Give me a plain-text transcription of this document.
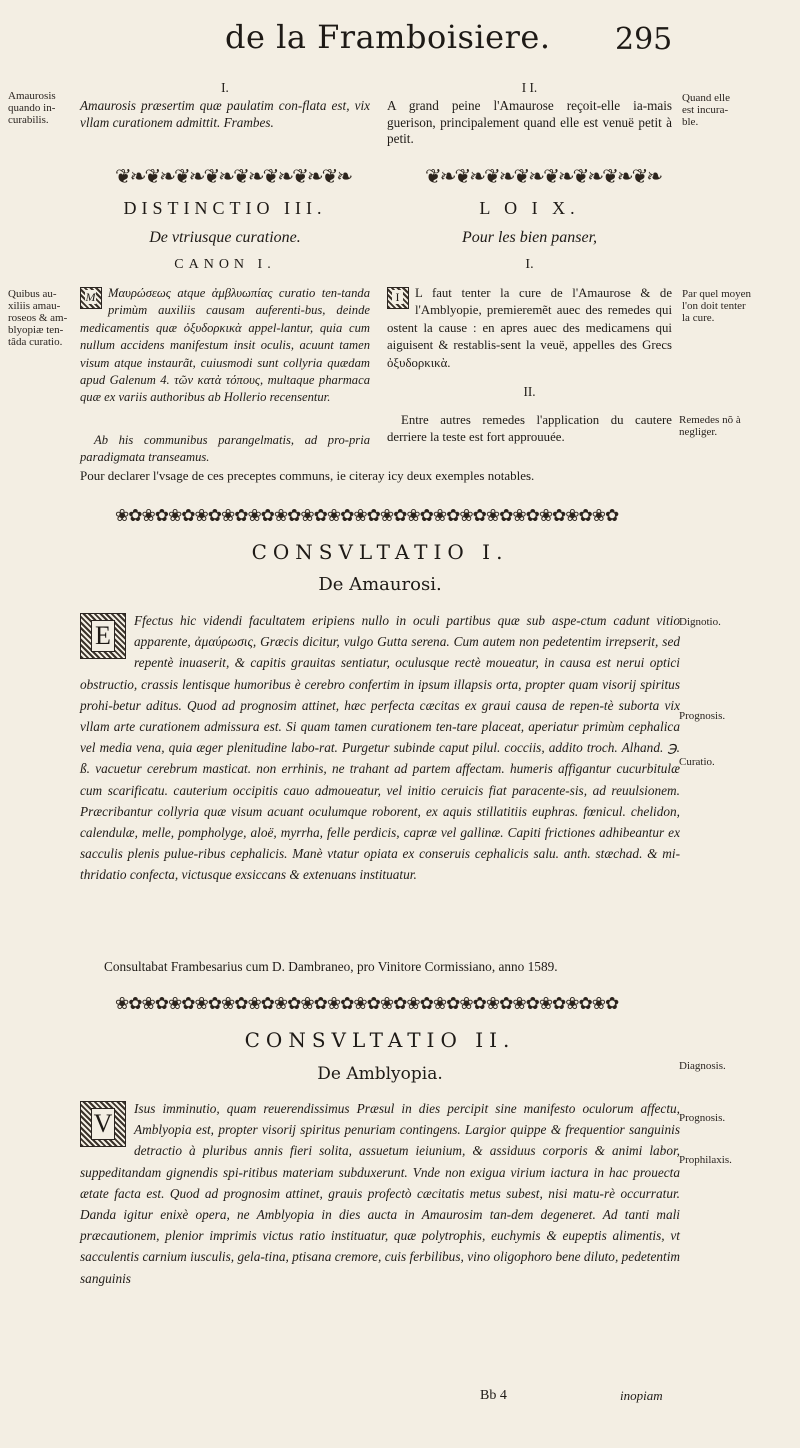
de la Framboisiere. 295
Amaurosis quando in-curabilis.
Quibus au-xiliis amau-roseos & am-blyopiæ ten-tâda curatio.
Quand elle est incura-ble.
Par quel moyen l'on doit tenter la cure.
Remedes nõ à negliger.
Dignotio.
Prognosis.
Curatio.
Diagnosis.
Prognosis.
Prophilaxis.
I.
Amaurosis præsertim quæ paulatim con-flata est, vix vllam curationem admittit. Frambes.
❦❧❦❧❦❧❦❧❦❧❦❧❦❧❦❧	❦❧❦❧❦❧❦❧❦❧❦❧❦❧❦❧
DISTINCTIO III.
De vtriusque curatione.
CANON I.
Μ Μαυρώσεως atque ἀμβλυωπίας curatio ten-tanda primùm auxiliis causam auferenti-bus, deinde medicamentis quæ ὀξυδορκικὰ appel-lantur, quia cum nullum accidens manifestum insit oculis, acuunt tamen visum atque instaurãt, cuiusmodi sunt collyria quædam apud Galenum 4. τῶν κατὰ τόπους, multaque pharmaca quæ ex variis authoribus ab Hollerio recensentur.
Ab his communibus parangelmatis, ad pro-pria paradigmata transeamus.
I I.
A grand peine l'Amaurose reçoit-elle ia-mais guerison, principalement quand elle est venuë petit à petit.
L O I X.
Pour les bien panser,
I.
I L faut tenter la cure de l'Amaurose & de l'Amblyopie, premieremẽt auec des remedes qui ostent la cause : en apres auec des medicamens qui aiguisent & restablis-sent la veuë, appelles des Grecs ὀξυδορκικὰ.
II.
Entre autres remedes l'application du cautere derriere la teste est fort approuuée.
Pour declarer l'vsage de ces preceptes communs, ie citeray icy deux exemples notables.
❀✿❀✿❀✿❀✿❀✿❀✿❀✿❀✿❀✿❀✿❀✿❀✿❀✿❀✿❀✿❀✿❀✿❀✿❀✿
CONSVLTATIO I.
De Amaurosi.
E
Ffectus hic videndi facultatem eripiens nullo in oculi partibus quæ sub aspe-ctum cadunt vitio apparente, ἀμαύρωσις, Græcis dicitur, vulgo Gutta serena. Cum autem non pedetentim irrepserit, sed repentè inuaserit, & capitis grauitas sentiatur, oculusque rectè moueatur, in causa est nerui optici obstructio, crassis lentisque humoribus è cerebro confertim in ipsum illapsis orta, propter quam visorij spiritus prohi-betur aditus. Quod ad prognosim attinet, hæc perfecta cæcitas ex graui causa de repen-tè suborta vix vllam arte curationem admissura est. Si quam tamen curationem ten-tare placeat, aperiatur primùm cephalica vel media vena, quia æger plenitudine labo-rat. Purgetur subinde caput pilul. cocciis, addito troch. Alhand. ℈. ß. vacuetur cerebrum masticat. non errhinis, ne trahant ad partem affectam. humeris affigantur cucurbitulæ cum scarificatu. cauterium occipitis cauo admoueatur, vel initio ceruicis fiat paracente-sis, ad reuulsionem. Præcribantur collyria quæ visum acuant oculumque roborent, ex aquis stillatitiis euphras. fœnicul. chelidon, calendulæ, melle, pompholyge, aloë, myrrha, felle perdicis, capræ vel gallinæ. Capiti frictiones adhibeantur ex sacculis plenis pulue-ribus cephalicis. Manè vtatur opiata ex conseruis cephalicis salu. anth. stæchad. & mi-thridatio confecta, victusque exsiccans & extenuans instituatur.
Consultabat Frambesarius cum D. Dambraneo, pro Vinitore Cormissiano, anno 1589.
❀✿❀✿❀✿❀✿❀✿❀✿❀✿❀✿❀✿❀✿❀✿❀✿❀✿❀✿❀✿❀✿❀✿❀✿❀✿
CONSVLTATIO II.
De Amblyopia.
V
Isus imminutio, quam reuerendissimus Præsul in dies percipit sine manifesto oculorum affectu, Amblyopia est, propter visorij spiritus penuriam contingens. Largior quippe & frequentior sanguinis detractio à pluribus annis fieri solita, assuetum ieiunium, & assiduus corporis & animi labor, suppeditandam gignendis spi-ritibus materiam subduxerunt. Vnde non exigua virium iactura in hac prouecta ætate facta est. Quod ad prognosim attinet, grauis profectò cæcitatis metus subest, nisi matu-rè occurratur. Danda igitur enixè opera, ne Amblyopia in dies aucta in Amaurosim tan-dem degeneret. Ad tanti mali præcautionem, plenior imprimis victus ratio instituatur, quæ polytrophis, euchymis & eupeptis alimentis, vt sacculentis carnium iusculis, gela-tina, ptisana cremore, cuis ferbilibus, vino oligophoro bene diluto, pedetentim sanguinis
Bb 4	inopiam
